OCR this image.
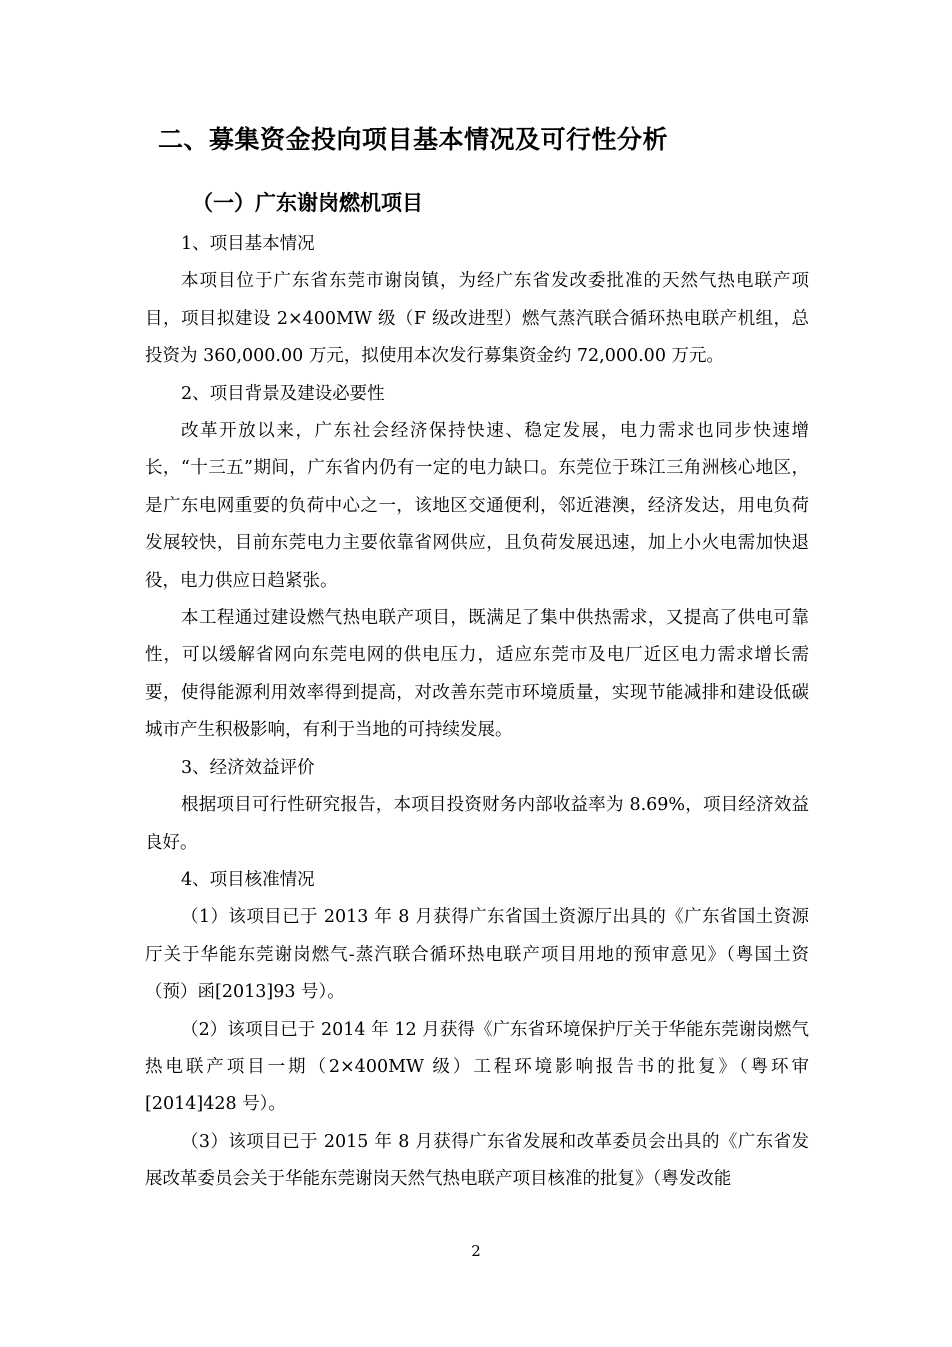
二、募集资金投向项目基本情况及可行性分析
（一）广东谢岗燃机项目

1、项目基本情况

本项目位于广东省东莞市谢岗镇，为经广东省发改委批准的天然气热电联产项目，项目拟建设 2×400MW 级（F 级改进型）燃气蒸汽联合循环热电联产机组，总投资为 360,000.00 万元，拟使用本次发行募集资金约 72,000.00 万元。

2、项目背景及建设必要性

改革开放以来，广东社会经济保持快速、稳定发展，电力需求也同步快速增长，“十三五”期间，广东省内仍有一定的电力缺口。东莞位于珠江三角洲核心地区，是广东电网重要的负荷中心之一，该地区交通便利，邻近港澳，经济发达，用电负荷发展较快，目前东莞电力主要依靠省网供应，且负荷发展迅速，加上小火电需加快退役，电力供应日趋紧张。

本工程通过建设燃气热电联产项目，既满足了集中供热需求，又提高了供电可靠性，可以缓解省网向东莞电网的供电压力，适应东莞市及电厂近区电力需求增长需要，使得能源利用效率得到提高，对改善东莞市环境质量，实现节能减排和建设低碳城市产生积极影响，有利于当地的可持续发展。

3、经济效益评价

根据项目可行性研究报告，本项目投资财务内部收益率为 8.69%，项目经济效益良好。

4、项目核准情况

（1）该项目已于 2013 年 8 月获得广东省国土资源厅出具的《广东省国土资源厅关于华能东莞谢岗燃气-蒸汽联合循环热电联产项目用地的预审意见》（粤国土资（预）函[2013]93 号）。

（2）该项目已于 2014 年 12 月获得《广东省环境保护厅关于华能东莞谢岗燃气热电联产项目一期（2×400MW 级）工程环境影响报告书的批复》（粤环审[2014]428 号）。

（3）该项目已于 2015 年 8 月获得广东省发展和改革委员会出具的《广东省发展改革委员会关于华能东莞谢岗天然气热电联产项目核准的批复》（粤发改能

2
